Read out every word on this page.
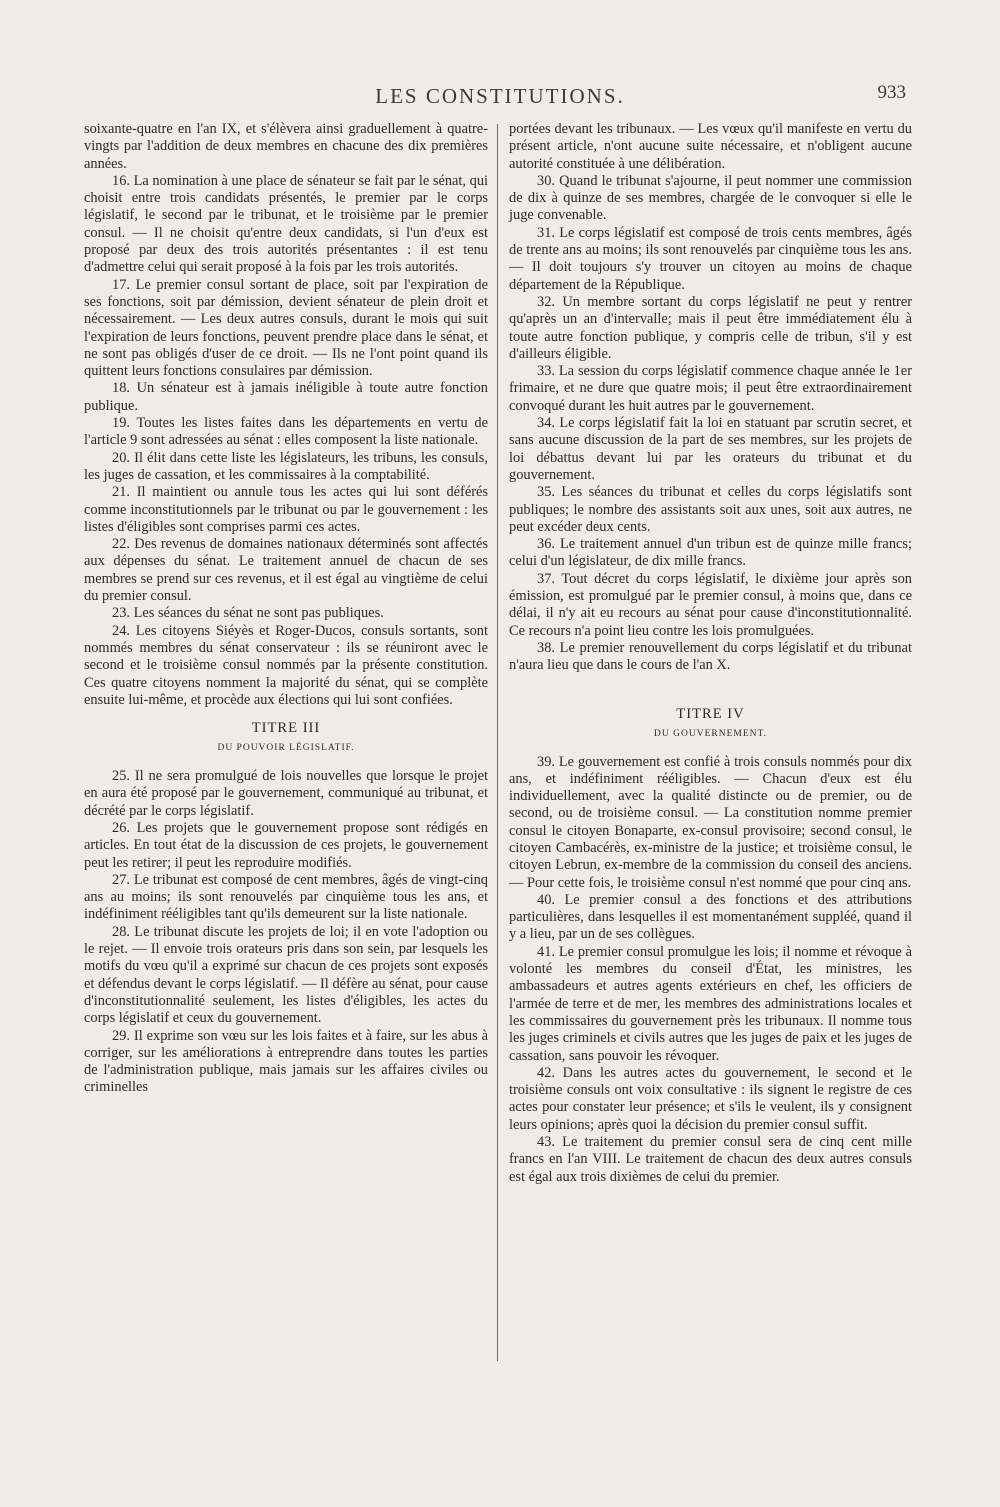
LES CONSTITUTIONS.	933

soixante-quatre en l'an IX, et s'élèvera ainsi graduellement à quatre-vingts par l'addition de deux membres en chacune des dix premières années.

16. La nomination à une place de sénateur se fait par le sénat, qui choisit entre trois candidats présentés, le premier par le corps législatif, le second par le tribunat, et le troisième par le premier consul. — Il ne choisit qu'entre deux candidats, si l'un d'eux est proposé par deux des trois autorités présentantes : il est tenu d'admettre celui qui serait proposé à la fois par les trois autorités.

17. Le premier consul sortant de place, soit par l'expiration de ses fonctions, soit par démission, devient sénateur de plein droit et nécessairement. — Les deux autres consuls, durant le mois qui suit l'expiration de leurs fonctions, peuvent prendre place dans le sénat, et ne sont pas obligés d'user de ce droit. — Ils ne l'ont point quand ils quittent leurs fonctions consulaires par démission.

18. Un sénateur est à jamais inéligible à toute autre fonction publique.

19. Toutes les listes faites dans les départements en vertu de l'article 9 sont adressées au sénat : elles composent la liste nationale.

20. Il élit dans cette liste les législateurs, les tribuns, les consuls, les juges de cassation, et les commissaires à la comptabilité.

21. Il maintient ou annule tous les actes qui lui sont déférés comme inconstitutionnels par le tribunat ou par le gouvernement : les listes d'éligibles sont comprises parmi ces actes.

22. Des revenus de domaines nationaux déterminés sont affectés aux dépenses du sénat. Le traitement annuel de chacun de ses membres se prend sur ces revenus, et il est égal au vingtième de celui du premier consul.

23. Les séances du sénat ne sont pas publiques.

24. Les citoyens Siéyès et Roger-Ducos, consuls sortants, sont nommés membres du sénat conservateur : ils se réuniront avec le second et le troisième consul nommés par la présente constitution. Ces quatre citoyens nomment la majorité du sénat, qui se complète ensuite lui-même, et procède aux élections qui lui sont confiées.

TITRE III
DU POUVOIR LÉGISLATIF.

25. Il ne sera promulgué de lois nouvelles que lorsque le projet en aura été proposé par le gouvernement, communiqué au tribunat, et décrété par le corps législatif.

26. Les projets que le gouvernement propose sont rédigés en articles. En tout état de la discussion de ces projets, le gouvernement peut les retirer; il peut les reproduire modifiés.

27. Le tribunat est composé de cent membres, âgés de vingt-cinq ans au moins; ils sont renouvelés par cinquième tous les ans, et indéfiniment rééligibles tant qu'ils demeurent sur la liste nationale.

28. Le tribunat discute les projets de loi; il en vote l'adoption ou le rejet. — Il envoie trois orateurs pris dans son sein, par lesquels les motifs du vœu qu'il a exprimé sur chacun de ces projets sont exposés et défendus devant le corps législatif. — Il défère au sénat, pour cause d'inconstitutionnalité seulement, les listes d'éligibles, les actes du corps législatif et ceux du gouvernement.

29. Il exprime son vœu sur les lois faites et à faire, sur les abus à corriger, sur les améliorations à entreprendre dans toutes les parties de l'administration publique, mais jamais sur les affaires civiles ou criminelles

portées devant les tribunaux. — Les vœux qu'il manifeste en vertu du présent article, n'ont aucune suite nécessaire, et n'obligent aucune autorité constituée à une délibération.

30. Quand le tribunat s'ajourne, il peut nommer une commission de dix à quinze de ses membres, chargée de le convoquer si elle le juge convenable.

31. Le corps législatif est composé de trois cents membres, âgés de trente ans au moins; ils sont renouvelés par cinquième tous les ans. — Il doit toujours s'y trouver un citoyen au moins de chaque département de la République.

32. Un membre sortant du corps législatif ne peut y rentrer qu'après un an d'intervalle; mais il peut être immédiatement élu à toute autre fonction publique, y compris celle de tribun, s'il y est d'ailleurs éligible.

33. La session du corps législatif commence chaque année le 1er frimaire, et ne dure que quatre mois; il peut être extraordinairement convoqué durant les huit autres par le gouvernement.

34. Le corps législatif fait la loi en statuant par scrutin secret, et sans aucune discussion de la part de ses membres, sur les projets de loi débattus devant lui par les orateurs du tribunat et du gouvernement.

35. Les séances du tribunat et celles du corps législatifs sont publiques; le nombre des assistants soit aux unes, soit aux autres, ne peut excéder deux cents.

36. Le traitement annuel d'un tribun est de quinze mille francs; celui d'un législateur, de dix mille francs.

37. Tout décret du corps législatif, le dixième jour après son émission, est promulgué par le premier consul, à moins que, dans ce délai, il n'y ait eu recours au sénat pour cause d'inconstitutionnalité. Ce recours n'a point lieu contre les lois promulguées.

38. Le premier renouvellement du corps législatif et du tribunat n'aura lieu que dans le cours de l'an X.

TITRE IV
DU GOUVERNEMENT.

39. Le gouvernement est confié à trois consuls nommés pour dix ans, et indéfiniment rééligibles. — Chacun d'eux est élu individuellement, avec la qualité distincte ou de premier, ou de second, ou de troisième consul. — La constitution nomme premier consul le citoyen Bonaparte, ex-consul provisoire; second consul, le citoyen Cambacérès, ex-ministre de la justice; et troisième consul, le citoyen Lebrun, ex-membre de la commission du conseil des anciens. — Pour cette fois, le troisième consul n'est nommé que pour cinq ans.

40. Le premier consul a des fonctions et des attributions particulières, dans lesquelles il est momentanément suppléé, quand il y a lieu, par un de ses collègues.

41. Le premier consul promulgue les lois; il nomme et révoque à volonté les membres du conseil d'État, les ministres, les ambassadeurs et autres agents extérieurs en chef, les officiers de l'armée de terre et de mer, les membres des administrations locales et les commissaires du gouvernement près les tribunaux. Il nomme tous les juges criminels et civils autres que les juges de paix et les juges de cassation, sans pouvoir les révoquer.

42. Dans les autres actes du gouvernement, le second et le troisième consuls ont voix consultative : ils signent le registre de ces actes pour constater leur présence; et s'ils le veulent, ils y consignent leurs opinions; après quoi la décision du premier consul suffit.

43. Le traitement du premier consul sera de cinq cent mille francs en l'an VIII. Le traitement de chacun des deux autres consuls est égal aux trois dixièmes de celui du premier.
